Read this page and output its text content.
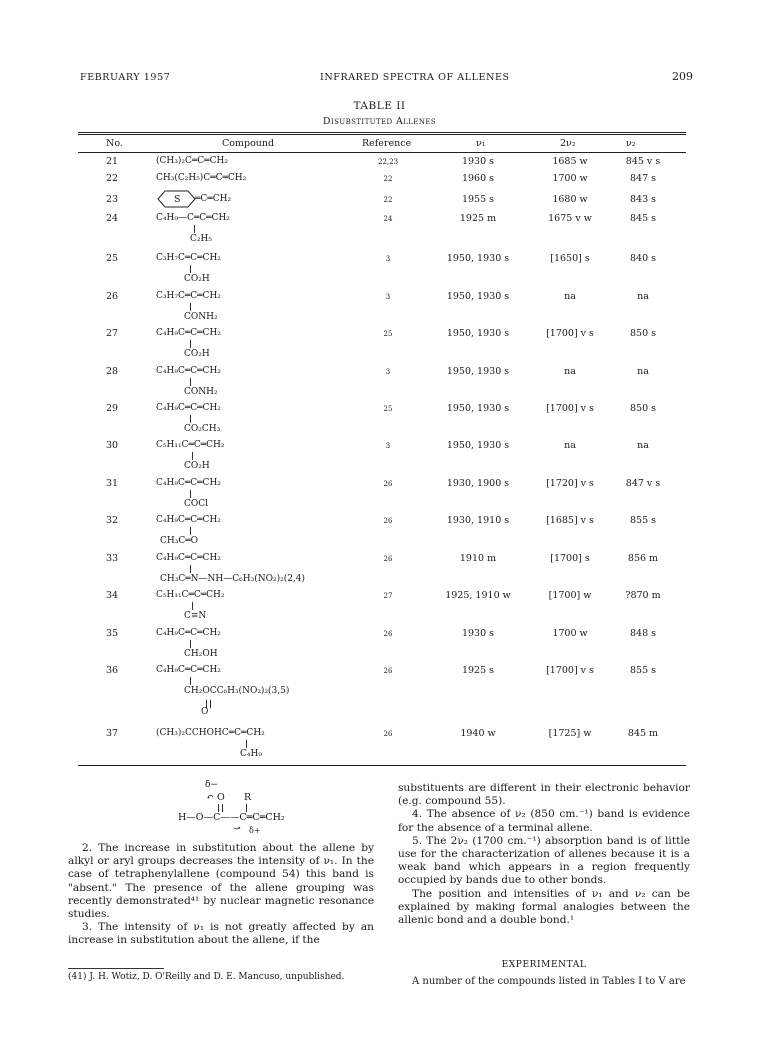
FEBRUARY 1957	INFRARED SPECTRA OF ALLENES	209
TABLE II
Disubstituted Allenes
No.	Compound	Reference	ν₁	2ν₂	ν₂
21	(CH₃)₂C═C═CH₂	22,23	1930 s	1685 w	845 v s
22	CH₃(C₂H₅)C═C═CH₂	22	1960 s	1700 w	847 s
23	S ═C═CH₂	22	1955 s	1680 w	843 s
24	C₄H₉—C═C═CH₂	24	1925 m	1675 v w	845 s
C₂H₅
25	C₃H₇C═C═CH₂	3	1950, 1930 s	[1650] s	840 s
CO₂H
26	C₃H₇C═C═CH₂	3	1950, 1930 s	na	na
CONH₂
27	C₄H₉C═C═CH₂	25	1950, 1930 s	[1700] v s	850 s
CO₂H
28	C₄H₉C═C═CH₂	3	1950, 1930 s	na	na
CONH₂
29	C₄H₉C═C═CH₂	25	1950, 1930 s	[1700] v s	850 s
CO₂CH₃
30	C₅H₁₁C═C═CH₂	3	1950, 1930 s	na	na
CO₂H
31	C₄H₉C═C═CH₂	26	1930, 1900 s	[1720] v s	847 v s
COCl
32	C₄H₉C═C═CH₂	26	1930, 1910 s	[1685] v s	855 s
CH₃C═O
33	C₄H₉C═C═CH₂	26	1910 m	[1700] s	856 m
CH₃C═N—NH—C₆H₃(NO₂)₂(2,4)
34	C₅H₁₁C═C═CH₂	27	1925, 1910 w	[1700] w	?870 m
C≡N
35	C₄H₉C═C═CH₂	26	1930 s	1700 w	848 s
CH₂OH
36	C₄H₉C═C═CH₂	26	1925 s	[1700] v s	855 s
CH₂OCC₆H₃(NO₂)₂(3,5)
O
37	(CH₃)₂CCHOHC═C═CH₂	26	1940 w	[1725] w	845 m
C₄H₉
δ−
↶ O R
H—O—C——C═C═CH₂
⤻ δ+

2. The increase in substitution about the allene by alkyl or aryl groups decreases the intensity of ν₁. In the case of tetraphenylallene (compound 54) this band is "absent." The presence of the allene grouping was recently demonstrated⁴¹ by nuclear magnetic resonance studies.

3. The intensity of ν₁ is not greatly affected by an increase in substitution about the allene, if the

(41) J. H. Wotiz, D. O'Reilly and D. E. Mancuso, unpublished.

substituents are different in their electronic behavior (e.g. compound 55).

4. The absence of ν₂ (850 cm.⁻¹) band is evidence for the absence of a terminal allene.

5. The 2ν₂ (1700 cm.⁻¹) absorption band is of little use for the characterization of allenes because it is a weak band which appears in a region frequently occupied by bands due to other bonds.

The position and intensities of ν₁ and ν₂ can be explained by making formal analogies between the allenic bond and a double bond.¹

EXPERIMENTAL
A number of the compounds listed in Tables I to V are
